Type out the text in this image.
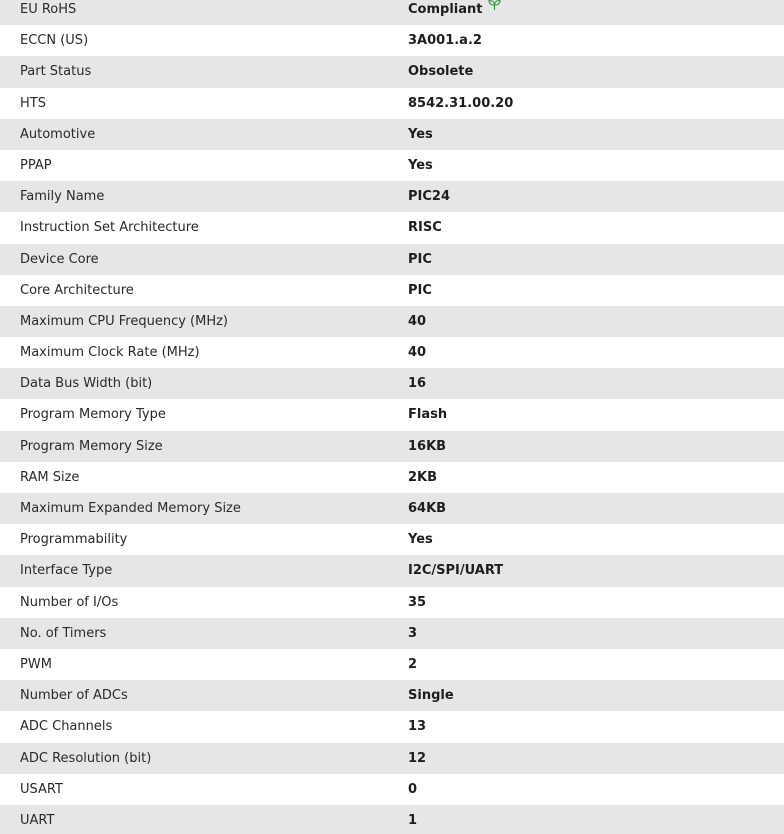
EU RoHS	Compliant
ECCN (US)	3A001.a.2
Part Status	Obsolete
HTS	8542.31.00.20
Automotive	Yes
PPAP	Yes
Family Name	PIC24
Instruction Set Architecture	RISC
Device Core	PIC
Core Architecture	PIC
Maximum CPU Frequency (MHz)	40
Maximum Clock Rate (MHz)	40
Data Bus Width (bit)	16
Program Memory Type	Flash
Program Memory Size	16KB
RAM Size	2KB
Maximum Expanded Memory Size	64KB
Programmability	Yes
Interface Type	I2C/SPI/UART
Number of I/Os	35
No. of Timers	3
PWM	2
Number of ADCs	Single
ADC Channels	13
ADC Resolution (bit)	12
USART	0
UART	1
